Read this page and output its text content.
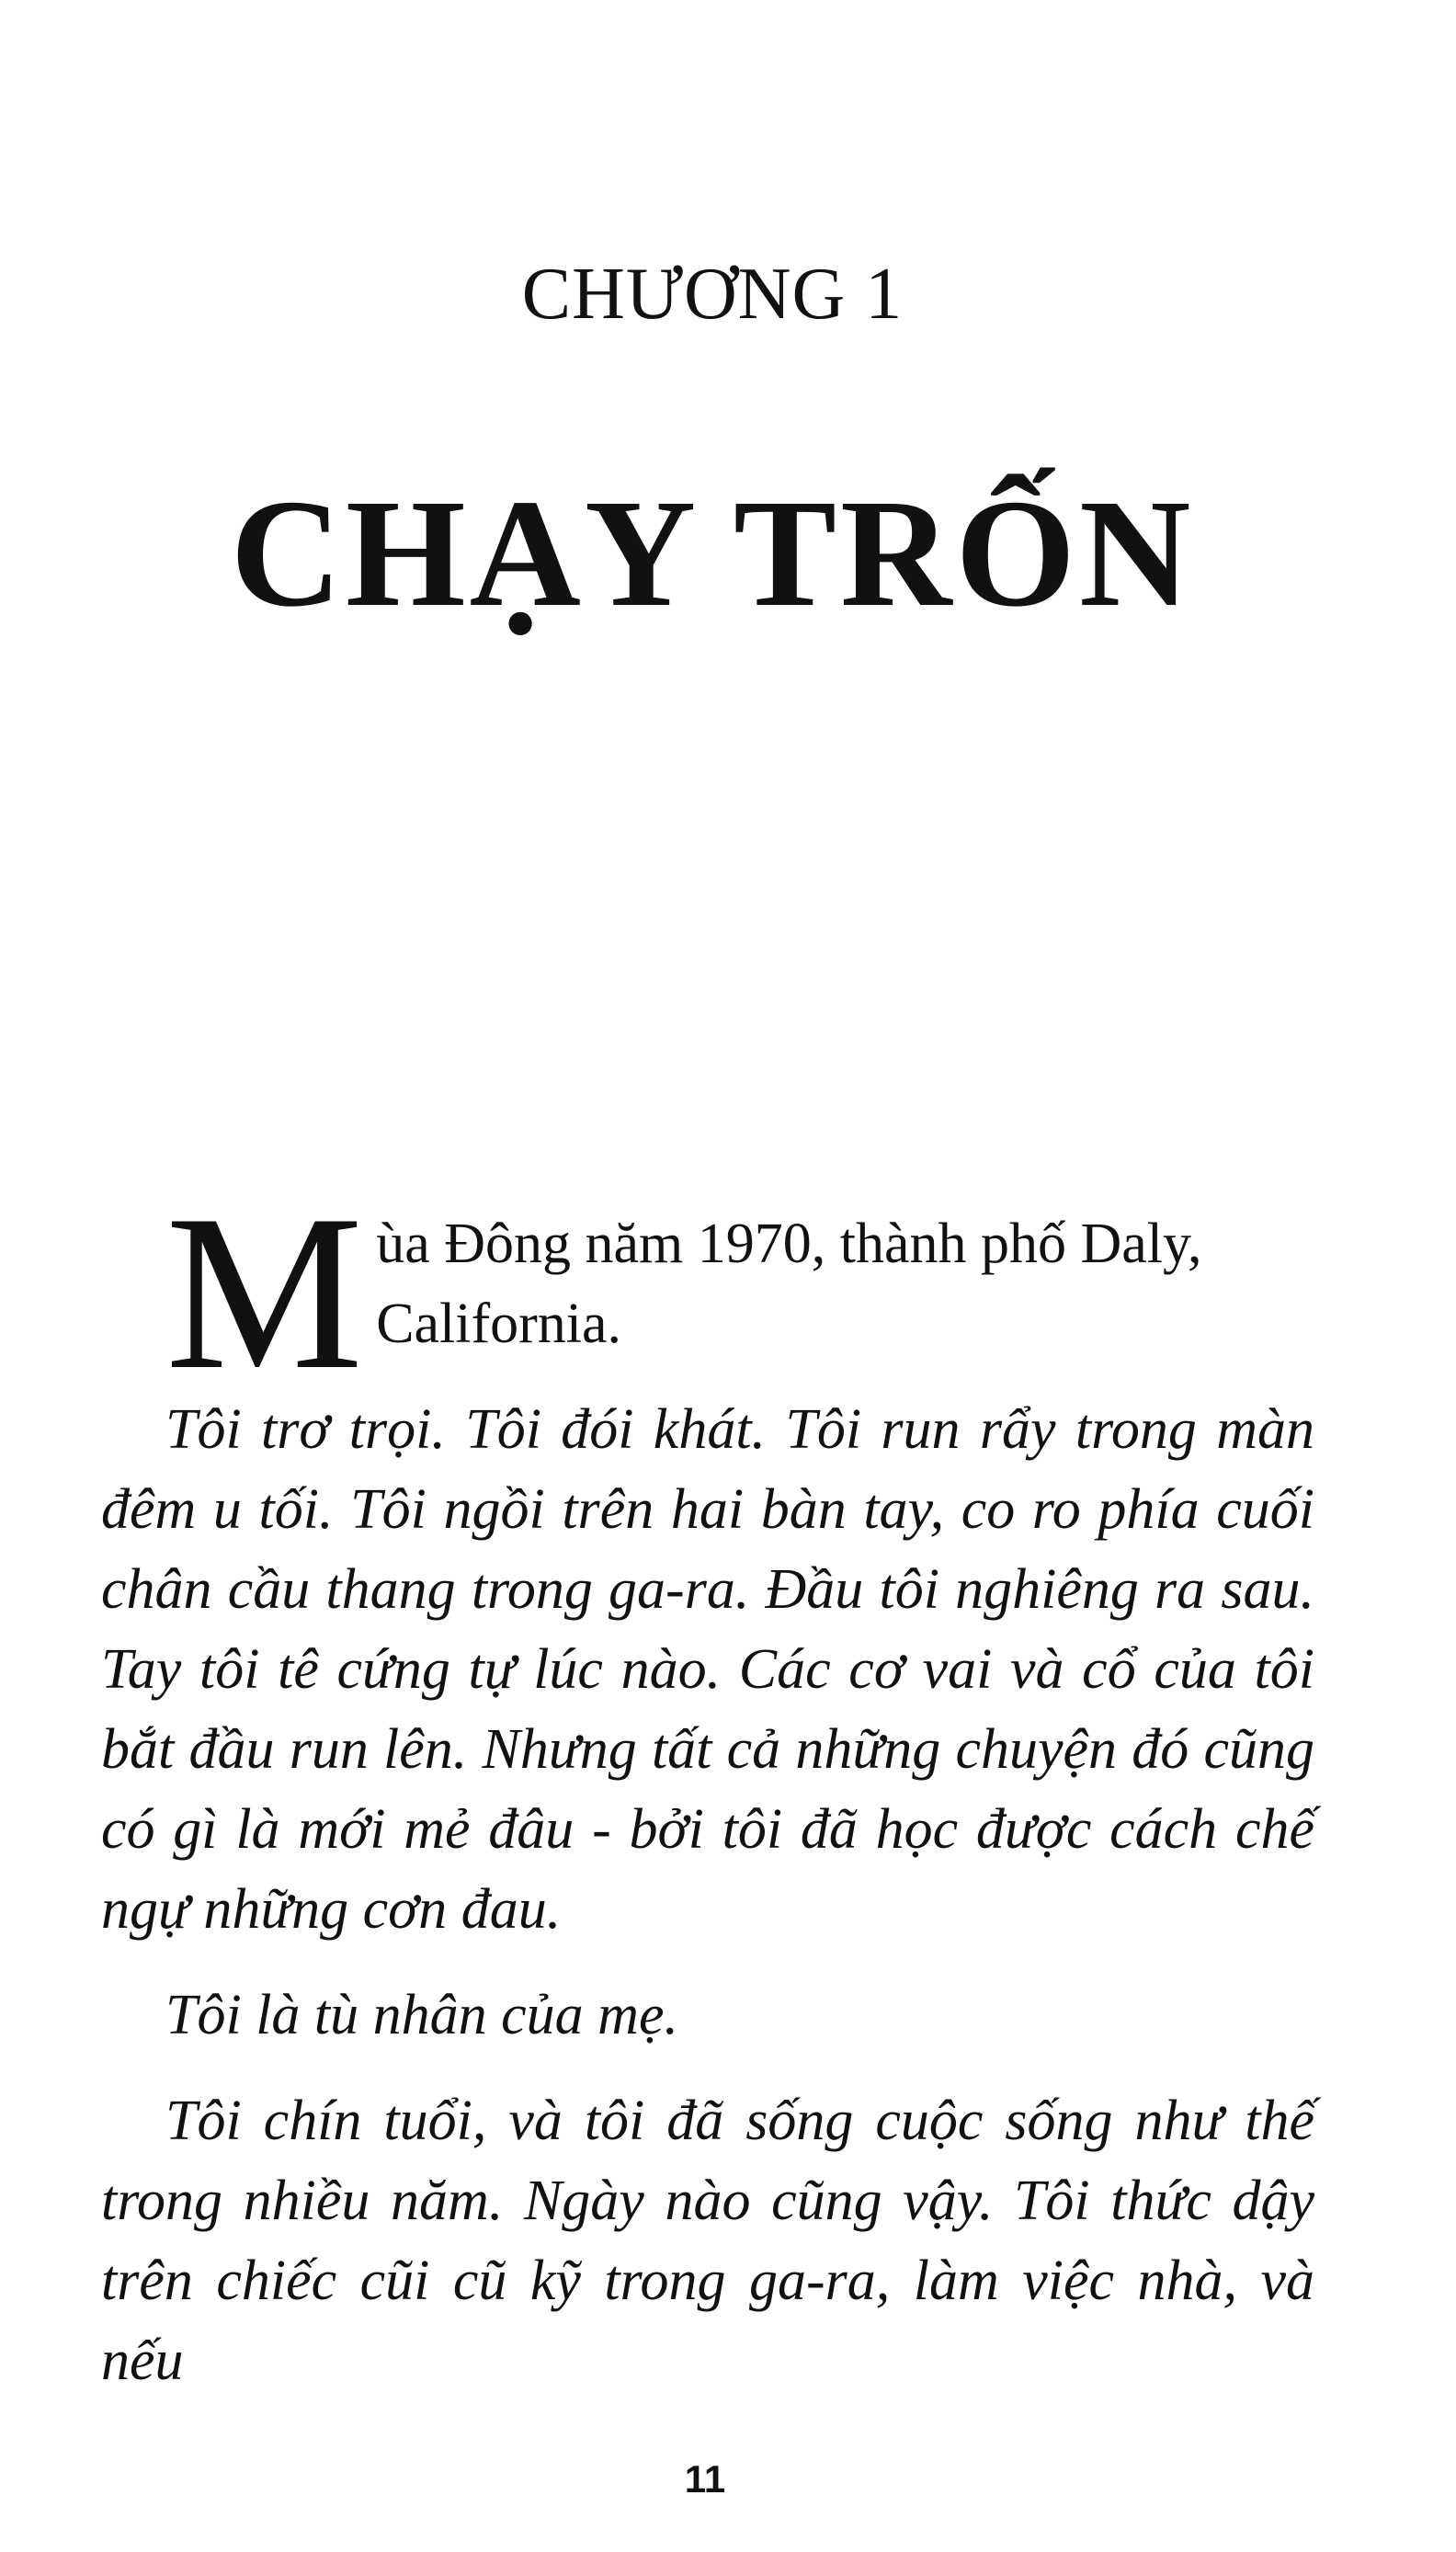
CHƯƠNG 1
CHẠY TRỐN
M ùa Đông năm 1970, thành phố Daly, California.

Tôi trơ trọi. Tôi đói khát. Tôi run rẩy trong màn đêm u tối. Tôi ngồi trên hai bàn tay, co ro phía cuối chân cầu thang trong ga-ra. Đầu tôi nghiêng ra sau. Tay tôi tê cứng tự lúc nào. Các cơ vai và cổ của tôi bắt đầu run lên. Nhưng tất cả những chuyện đó cũng có gì là mới mẻ đâu - bởi tôi đã học được cách chế ngự những cơn đau.

Tôi là tù nhân của mẹ.

Tôi chín tuổi, và tôi đã sống cuộc sống như thế trong nhiều năm. Ngày nào cũng vậy. Tôi thức dậy trên chiếc cũi cũ kỹ trong ga-ra, làm việc nhà, và nếu

11
